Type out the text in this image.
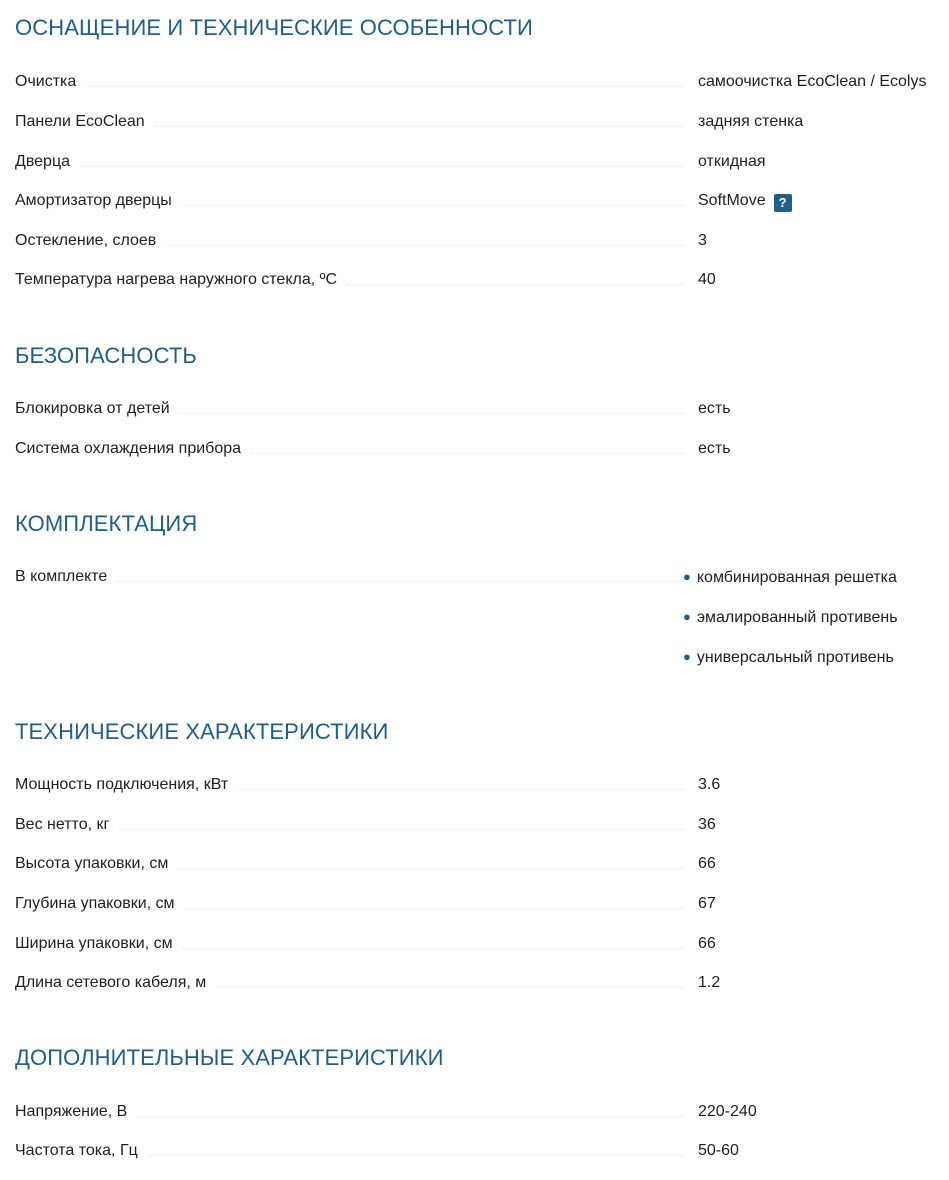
ОСНАЩЕНИЕ И ТЕХНИЧЕСКИЕ ОСОБЕННОСТИ
Очистка	самоочистка EcoClean / Ecolys
Панели EcoClean	задняя стенка
Дверца	откидная
Амортизатор дверцы	SoftMove ?
Остекление, слоев	3
Температура нагрева наружного стекла, ºС	40
БЕЗОПАСНОСТЬ
Блокировка от детей	есть
Система охлаждения прибора	есть
КОМПЛЕКТАЦИЯ
В комплекте	● комбинированная решетка
● эмалированный противень
● универсальный противень
ТЕХНИЧЕСКИЕ ХАРАКТЕРИСТИКИ
Мощность подключения, кВт	3.6
Вес нетто, кг	36
Высота упаковки, см	66
Глубина упаковки, см	67
Ширина упаковки, см	66
Длина сетевого кабеля, м	1.2
ДОПОЛНИТЕЛЬНЫЕ ХАРАКТЕРИСТИКИ
Напряжение, В	220-240
Частота тока, Гц	50-60
